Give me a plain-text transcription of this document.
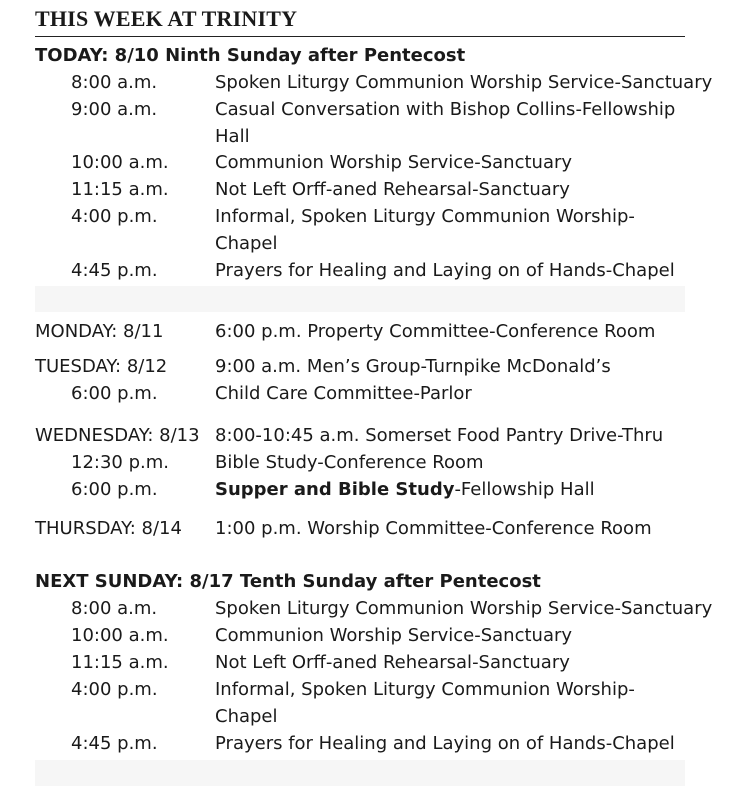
THIS WEEK AT TRINITY
TODAY: 8/10 Ninth Sunday after Pentecost
8:00 a.m.	Spoken Liturgy Communion Worship Service-Sanctuary
9:00 a.m.	Casual Conversation with Bishop Collins-Fellowship
Hall
10:00 a.m.	Communion Worship Service-Sanctuary
11:15 a.m.	Not Left Orff-aned Rehearsal-Sanctuary
4:00 p.m.	Informal, Spoken Liturgy Communion Worship-
Chapel
4:45 p.m.	Prayers for Healing and Laying on of Hands-Chapel
MONDAY: 8/11	6:00 p.m. Property Committee-Conference Room
TUESDAY: 8/12	9:00 a.m. Men’s Group-Turnpike McDonald’s
6:00 p.m.	Child Care Committee-Parlor
WEDNESDAY: 8/13 8:00-10:45 a.m. Somerset Food Pantry Drive-Thru
12:30 p.m.	Bible Study-Conference Room
6:00 p.m.	Supper and Bible Study-Fellowship Hall
THURSDAY: 8/14 1:00 p.m. Worship Committee-Conference Room
NEXT SUNDAY: 8/17 Tenth Sunday after Pentecost
8:00 a.m.	Spoken Liturgy Communion Worship Service-Sanctuary
10:00 a.m.	Communion Worship Service-Sanctuary
11:15 a.m.	Not Left Orff-aned Rehearsal-Sanctuary
4:00 p.m.	Informal, Spoken Liturgy Communion Worship-
Chapel
4:45 p.m.	Prayers for Healing and Laying on of Hands-Chapel
